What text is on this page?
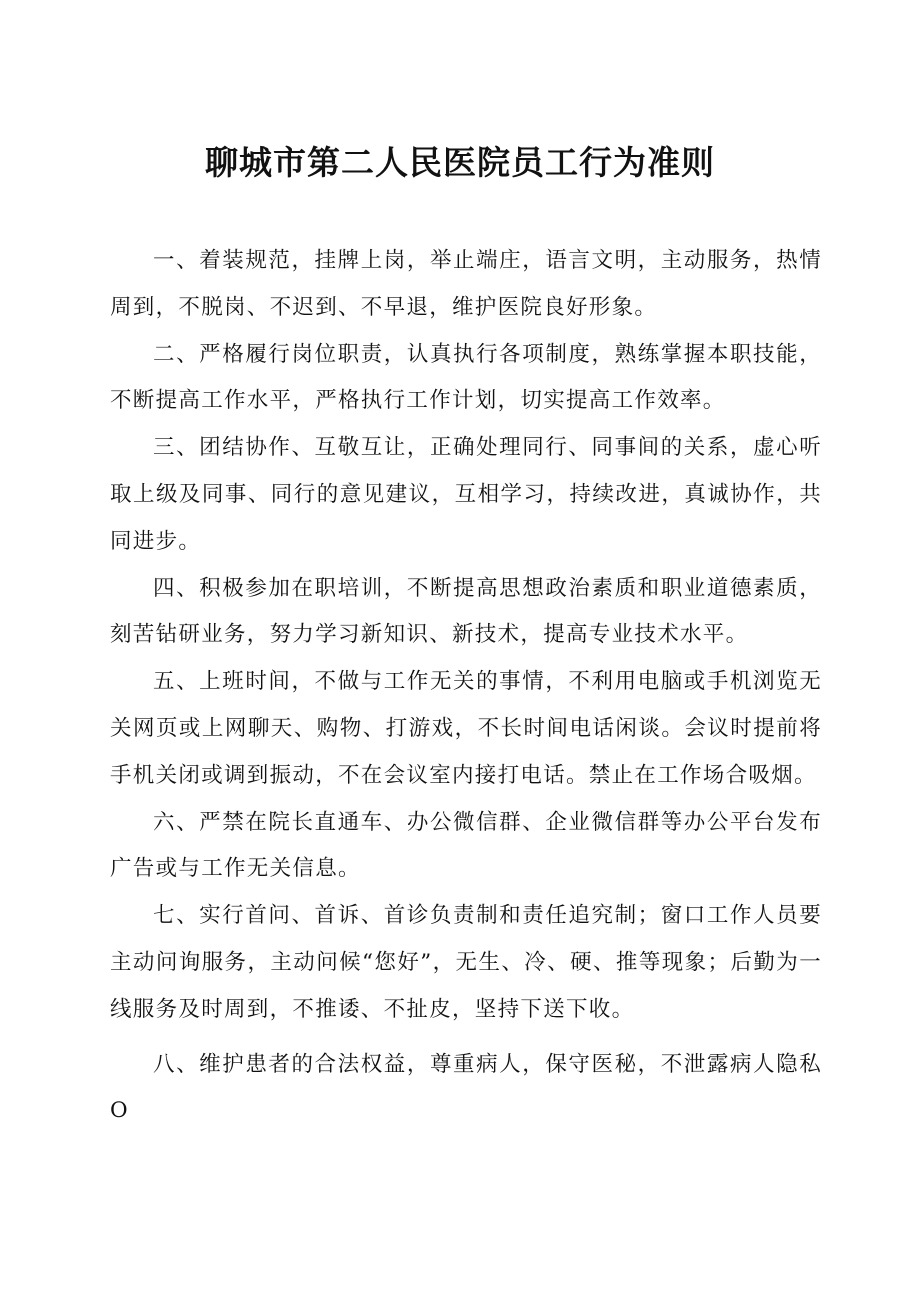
聊城市第二人民医院员工行为准则

一、着装规范，挂牌上岗，举止端庄，语言文明，主动服务，热情周到，不脱岗、不迟到、不早退，维护医院良好形象。

二、严格履行岗位职责，认真执行各项制度，熟练掌握本职技能，不断提高工作水平，严格执行工作计划，切实提高工作效率。

三、团结协作、互敬互让，正确处理同行、同事间的关系，虚心听取上级及同事、同行的意见建议，互相学习，持续改进，真诚协作，共同进步。

四、积极参加在职培训，不断提高思想政治素质和职业道德素质，刻苦钻研业务，努力学习新知识、新技术，提高专业技术水平。

五、上班时间，不做与工作无关的事情，不利用电脑或手机浏览无关网页或上网聊天、购物、打游戏，不长时间电话闲谈。会议时提前将手机关闭或调到振动，不在会议室内接打电话。禁止在工作场合吸烟。

六、严禁在院长直通车、办公微信群、企业微信群等办公平台发布广告或与工作无关信息。

七、实行首问、首诉、首诊负责制和责任追究制；窗口工作人员要主动问询服务，主动问候“您好”，无生、冷、硬、推等现象；后勤为一线服务及时周到，不推诿、不扯皮，坚持下送下收。

八、维护患者的合法权益，尊重病人，保守医秘，不泄露病人隐私O
